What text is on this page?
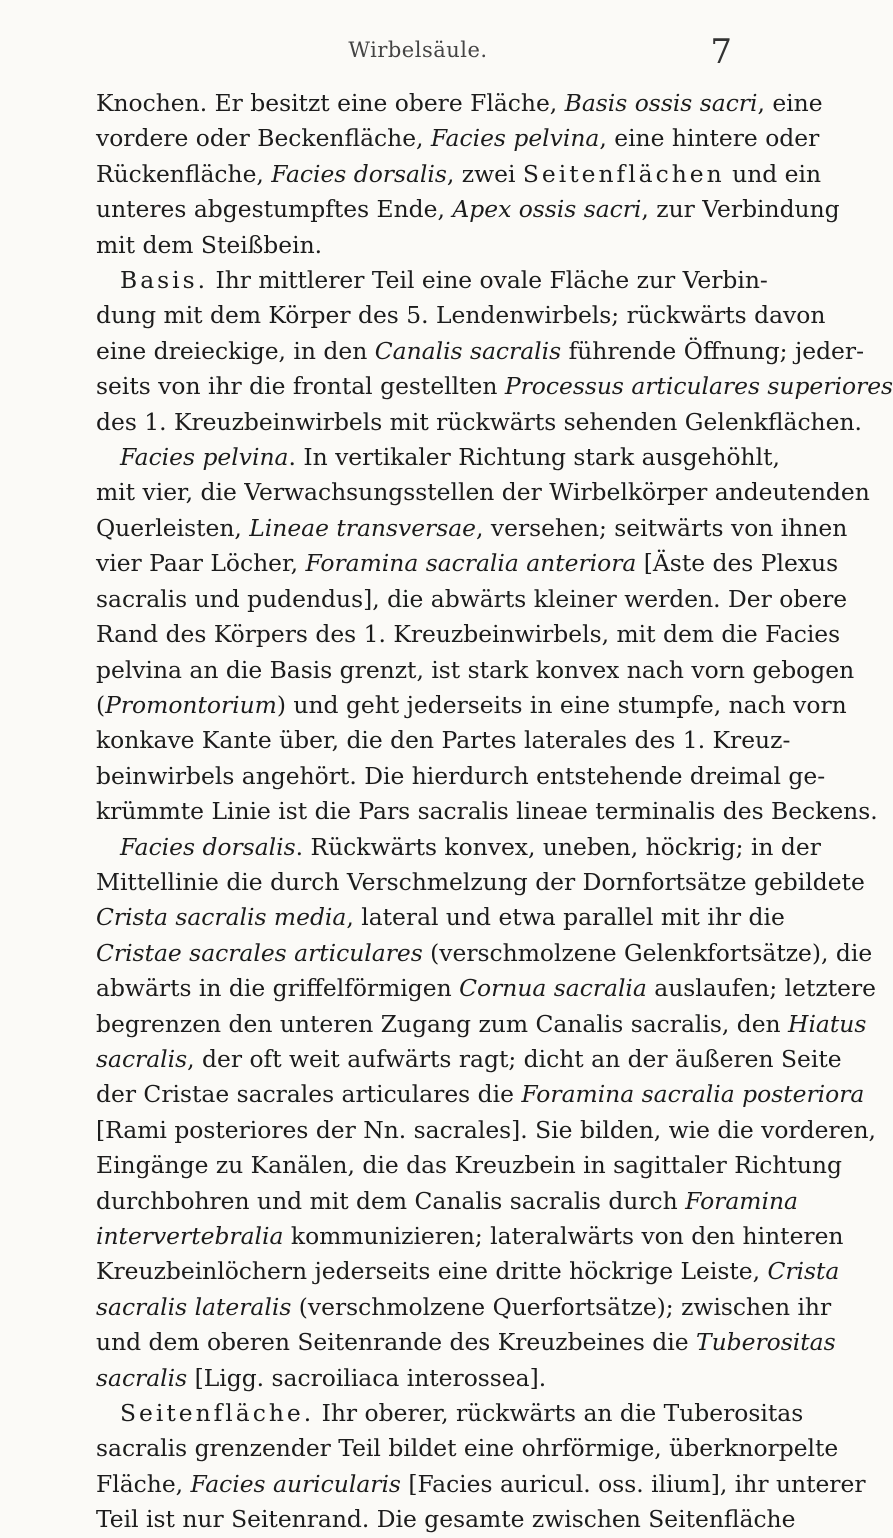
Wirbelsäule.	7
Knochen. Er besitzt eine obere Fläche, Basis ossis sacri, eine
vordere oder Beckenfläche, Facies pelvina, eine hintere oder
Rückenfläche, Facies dorsalis, zwei Seitenflächen und ein
unteres abgestumpftes Ende, Apex ossis sacri, zur Verbindung
mit dem Steißbein.
Basis. Ihr mittlerer Teil eine ovale Fläche zur Verbin-
dung mit dem Körper des 5. Lendenwirbels; rückwärts davon
eine dreieckige, in den Canalis sacralis führende Öffnung; jeder-
seits von ihr die frontal gestellten Processus articulares superiores
des 1. Kreuzbeinwirbels mit rückwärts sehenden Gelenkflächen.
Facies pelvina. In vertikaler Richtung stark ausgehöhlt,
mit vier, die Verwachsungsstellen der Wirbelkörper andeutenden
Querleisten, Lineae transversae, versehen; seitwärts von ihnen
vier Paar Löcher, Foramina sacralia anteriora [Äste des Plexus
sacralis und pudendus], die abwärts kleiner werden. Der obere
Rand des Körpers des 1. Kreuzbeinwirbels, mit dem die Facies
pelvina an die Basis grenzt, ist stark konvex nach vorn gebogen
(Promontorium) und geht jederseits in eine stumpfe, nach vorn
konkave Kante über, die den Partes laterales des 1. Kreuz-
beinwirbels angehört. Die hierdurch entstehende dreimal ge-
krümmte Linie ist die Pars sacralis lineae terminalis des Beckens.
Facies dorsalis. Rückwärts konvex, uneben, höckrig; in der
Mittellinie die durch Verschmelzung der Dornfortsätze gebildete
Crista sacralis media, lateral und etwa parallel mit ihr die
Cristae sacrales articulares (verschmolzene Gelenkfortsätze), die
abwärts in die griffelförmigen Cornua sacralia auslaufen; letztere
begrenzen den unteren Zugang zum Canalis sacralis, den Hiatus
sacralis, der oft weit aufwärts ragt; dicht an der äußeren Seite
der Cristae sacrales articulares die Foramina sacralia posteriora
[Rami posteriores der Nn. sacrales]. Sie bilden, wie die vorderen,
Eingänge zu Kanälen, die das Kreuzbein in sagittaler Richtung
durchbohren und mit dem Canalis sacralis durch Foramina
intervertebralia kommunizieren; lateralwärts von den hinteren
Kreuzbeinlöchern jederseits eine dritte höckrige Leiste, Crista
sacralis lateralis (verschmolzene Querfortsätze); zwischen ihr
und dem oberen Seitenrande des Kreuzbeines die Tuberositas
sacralis [Ligg. sacroiliaca interossea].
Seitenfläche. Ihr oberer, rückwärts an die Tuberositas
sacralis grenzender Teil bildet eine ohrförmige, überknorpelte
Fläche, Facies auricularis [Facies auricul. oss. ilium], ihr unterer
Teil ist nur Seitenrand. Die gesamte zwischen Seitenfläche
